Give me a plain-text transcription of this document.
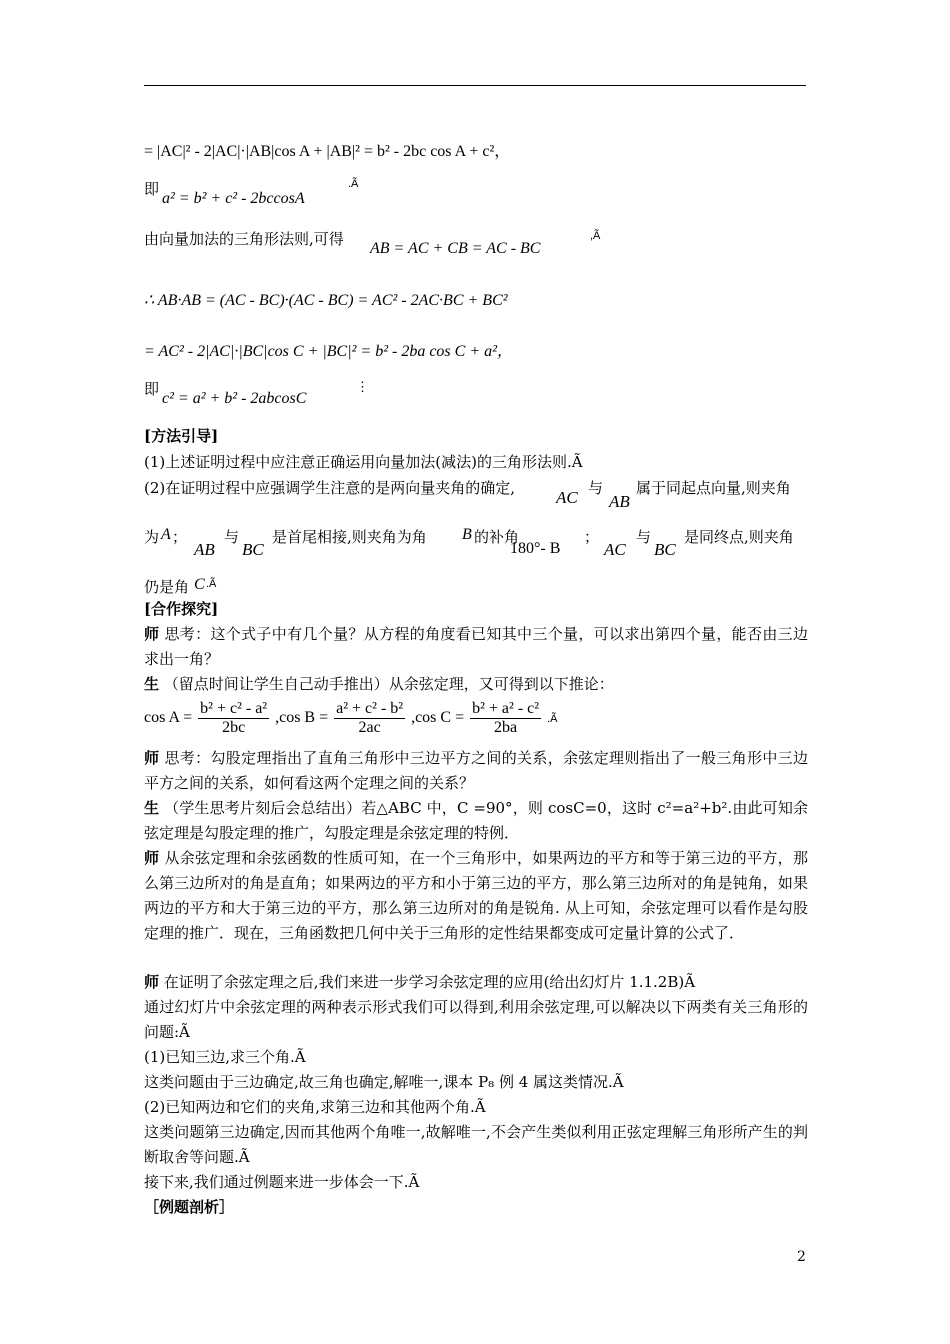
= |AC|² - 2|AC|·|AB|cos A + |AB|² = b² - 2bc cos A + c²，
即
a² = b² + c² - 2bccosA
.Ã
由向量加法的三角形法则,可得
AB = AC + CB = AC - BC
,Ã
∴ AB·AB = (AC - BC)·(AC - BC) = AC² - 2AC·BC + BC²
= AC² - 2|AC|·|BC|cos C + |BC|² = b² - 2ba cos C + a²，
即
c² = a² + b² - 2abcosC
⋮
[方法引导]
(1)上述证明过程中应注意正确运用向量加法(减法)的三角形法则.Ã
(2)在证明过程中应强调学生注意的是两向量夹角的确定, AC 与
AB
属于同起点向量,则夹角
为 A ；
AB
与
BC
是首尾相接,则夹角为角 B 的补角
180°- B
；
AC
与
BC
是同终点,则夹角
仍是角 C .Ã
[合作探究]
师 思考：这个式子中有几个量？从方程的角度看已知其中三个量，可以求出第四个量，能否由三边求出一角？
生 （留点时间让学生自己动手推出）从余弦定理，又可得到以下推论：
$\cos A = \frac{\text{b² + c² - a²}}{2bc} ,\cos$ $B = \frac{\text{a² + c² - b²}}{2ac} ,\cos$ $C = \frac{\text{b² + a² - c²}}{2ba}$ .Ã
师 思考：勾股定理指出了直角三角形中三边平方之间的关系，余弦定理则指出了一般三角形中三边平方之间的关系，如何看这两个定理之间的关系？
生 （学生思考片刻后会总结出）若△ABC 中，C =90°，则 cosC=0，这时 c²=a²+b².由此可知余弦定理是勾股定理的推广，勾股定理是余弦定理的特例．
师 从余弦定理和余弦函数的性质可知，在一个三角形中，如果两边的平方和等于第三边的平方，那么第三边所对的角是直角；如果两边的平方和小于第三边的平方，那么第三边所对的角是钝角，如果两边的平方和大于第三边的平方，那么第三边所对的角是锐角. 从上可知，余弦定理可以看作是勾股定理的推广．现在，三角函数把几何中关于三角形的定性结果都变成可定量计算的公式了．
师 在证明了余弦定理之后,我们来进一步学习余弦定理的应用(给出幻灯片 1.1.2B)Ã
通过幻灯片中余弦定理的两种表示形式我们可以得到,利用余弦定理,可以解决以下两类有关三角形的问题:Ã
(1)已知三边,求三个角.Ã
这类问题由于三边确定,故三角也确定,解唯一,课本 P₈ 例 4 属这类情况.Ã
(2)已知两边和它们的夹角,求第三边和其他两个角.Ã
这类问题第三边确定,因而其他两个角唯一,故解唯一,不会产生类似利用正弦定理解三角形所产生的判断取舍等问题.Ã
接下来,我们通过例题来进一步体会一下.Ã
［例题剖析］
2
